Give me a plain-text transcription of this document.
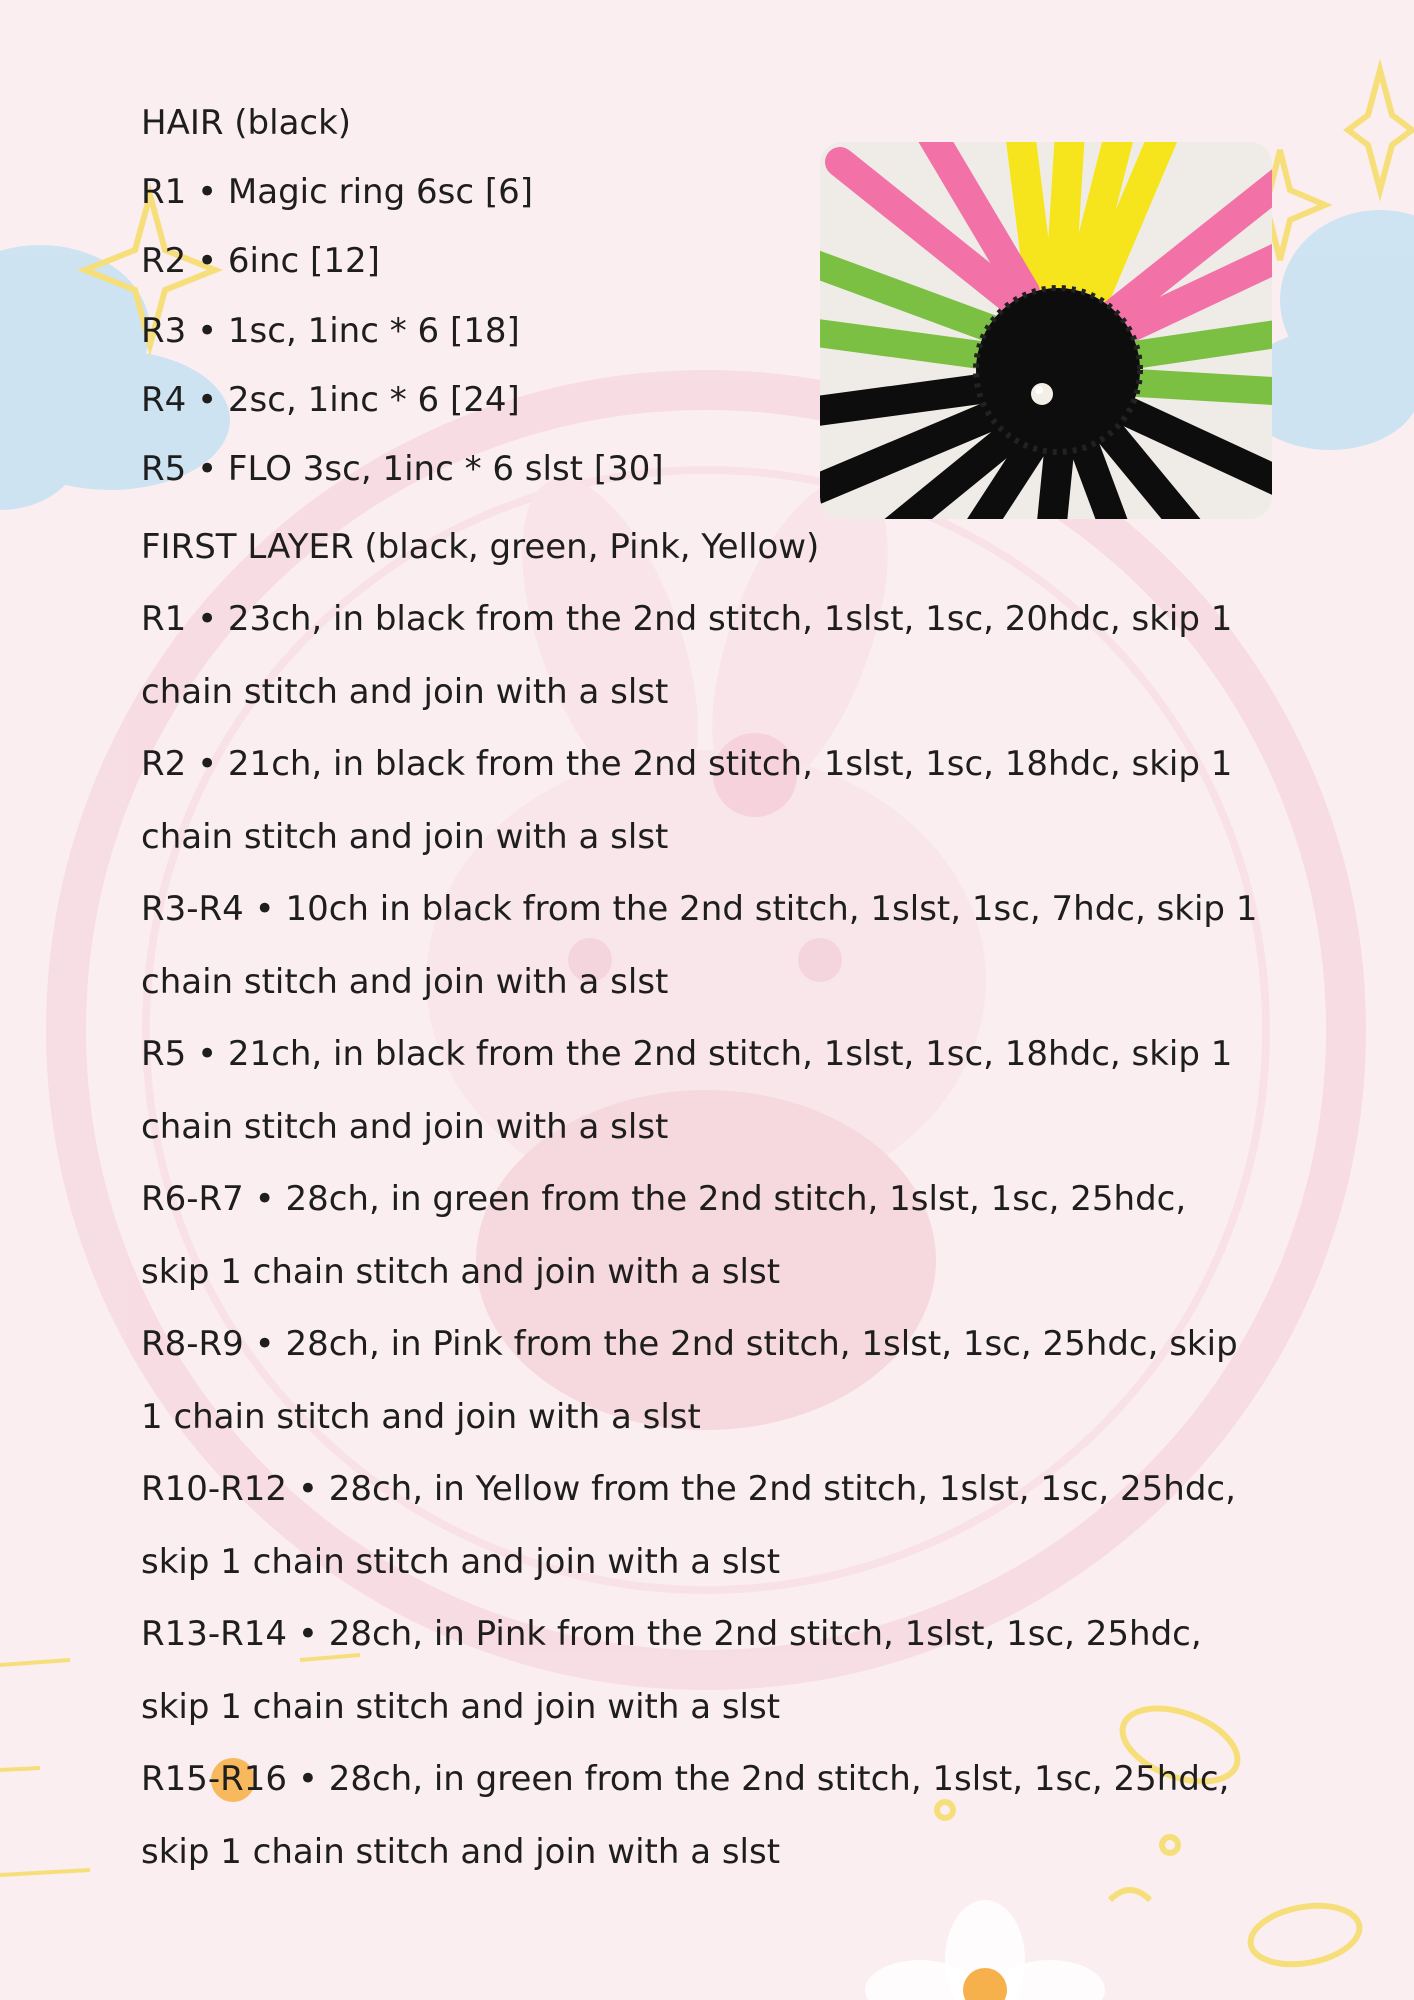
HAIR (black)
R1 • Magic ring 6sc [6]
R2 • 6inc [12]
R3 • 1sc, 1inc * 6 [18]
R4 • 2sc, 1inc * 6 [24]
R5 • FLO 3sc, 1inc * 6 slst [30]
FIRST LAYER (black, green, Pink, Yellow)
R1 • 23ch, in black from the 2nd stitch, 1slst, 1sc, 20hdc, skip 1
chain stitch and join with a slst
R2 • 21ch, in black from the 2nd stitch, 1slst, 1sc, 18hdc, skip 1
chain stitch and join with a slst
R3-R4 • 10ch in black from the 2nd stitch, 1slst, 1sc, 7hdc, skip 1
chain stitch and join with a slst
R5 • 21ch, in black from the 2nd stitch, 1slst, 1sc, 18hdc, skip 1
chain stitch and join with a slst
R6-R7 • 28ch, in green from the 2nd stitch, 1slst, 1sc, 25hdc,
skip 1 chain stitch and join with a slst
R8-R9 • 28ch, in Pink from the 2nd stitch, 1slst, 1sc, 25hdc, skip
1 chain stitch and join with a slst
R10-R12 • 28ch, in Yellow from the 2nd stitch, 1slst, 1sc, 25hdc,
skip 1 chain stitch and join with a slst
R13-R14 • 28ch, in Pink from the 2nd stitch, 1slst, 1sc, 25hdc,
skip 1 chain stitch and join with a slst
R15-R16 • 28ch, in green from the 2nd stitch, 1slst, 1sc, 25hdc,
skip 1 chain stitch and join with a slst
